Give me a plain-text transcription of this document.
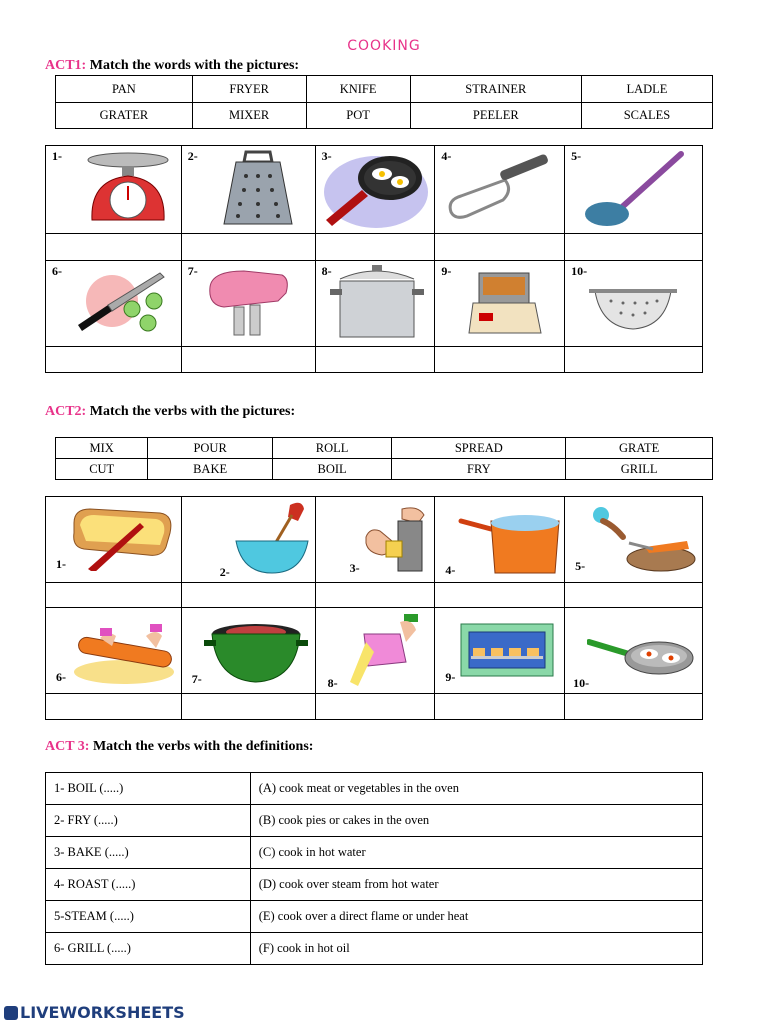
COOKING
ACT1: Match the words with the pictures:
PAN	FRYER	KNIFE	STRAINER	LADLE
GRATER	MIXER	POT	PEELER	SCALES
1-	2-	3-	4-	5-

6-	7-	8-	9-	10-

ACT2: Match the verbs with the pictures:
MIX	POUR	ROLL	SPREAD	GRATE
CUT	BAKE	BOIL	FRY	GRILL
1-	2-	3-	4-	5-

6-	7-	8-	9-	10-

ACT 3: Match the verbs with the definitions:
1- BOIL (.....)	(A) cook meat or vegetables in the oven
2- FRY (.....)	(B) cook pies or cakes in the oven
3- BAKE (.....)	(C) cook in hot water
4- ROAST (.....)	(D) cook over steam from hot water
5-STEAM (.....)	(E) cook over a direct flame or under heat
6- GRILL (.....)	(F) cook in hot oil
LIVEWORKSHEETS
